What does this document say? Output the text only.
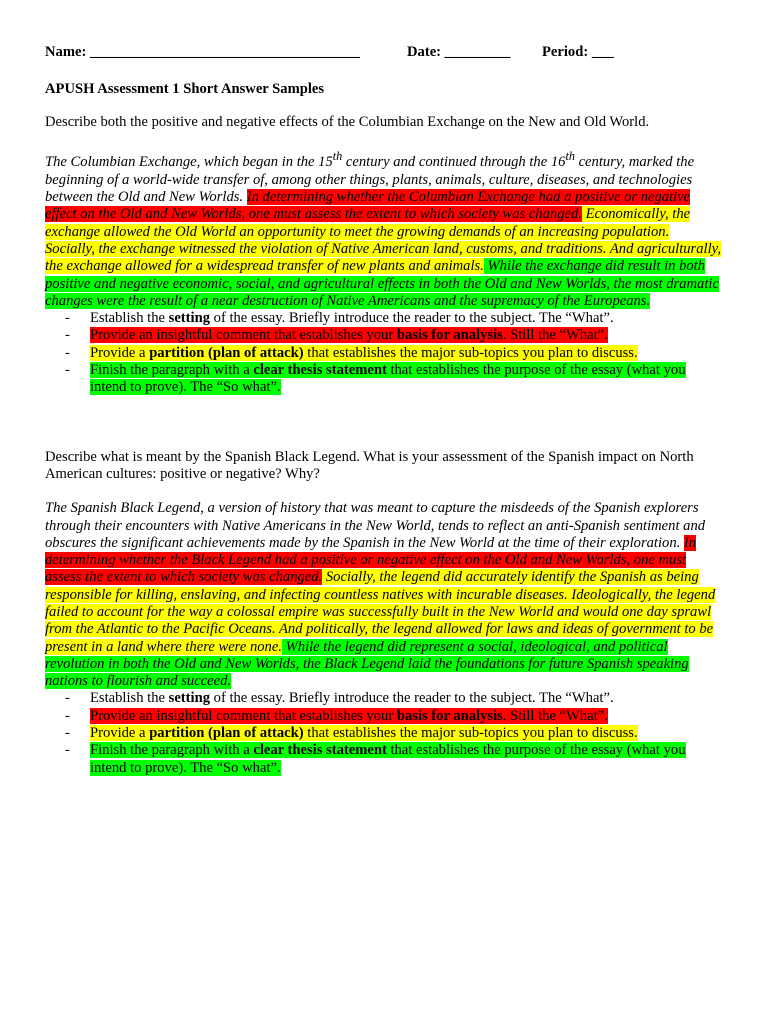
Name: _____________________________________	Date: _________ Period: ___
APUSH Assessment 1 Short Answer Samples
Describe both the positive and negative effects of the Columbian Exchange on the New and Old World.
The Columbian Exchange, which began in the 15th century and continued through the 16th century, marked the beginning of a world-wide transfer of, among other things, plants, animals, culture, diseases, and technologies between the Old and New Worlds. In determining whether the Columbian Exchange had a positive or negative effect on the Old and New Worlds, one must assess the extent to which society was changed. Economically, the exchange allowed the Old World an opportunity to meet the growing demands of an increasing population. Socially, the exchange witnessed the violation of Native American land, customs, and traditions. And agriculturally, the exchange allowed for a widespread transfer of new plants and animals. While the exchange did result in both positive and negative economic, social, and agricultural effects in both the Old and New Worlds, the most dramatic changes were the result of a near destruction of Native Americans and the supremacy of the Europeans.
- Establish the setting of the essay. Briefly introduce the reader to the subject. The “What”.
- Provide an insightful comment that establishes your basis for analysis. Still the “What”.
- Provide a partition (plan of attack) that establishes the major sub-topics you plan to discuss.
- Finish the paragraph with a clear thesis statement that establishes the purpose of the essay (what you intend to prove). The “So what”.
Describe what is meant by the Spanish Black Legend. What is your assessment of the Spanish impact on North American cultures: positive or negative? Why?
The Spanish Black Legend, a version of history that was meant to capture the misdeeds of the Spanish explorers through their encounters with Native Americans in the New World, tends to reflect an anti-Spanish sentiment and obscures the significant achievements made by the Spanish in the New World at the time of their exploration. In determining whether the Black Legend had a positive or negative effect on the Old and New Worlds, one must assess the extent to which society was changed. Socially, the legend did accurately identify the Spanish as being responsible for killing, enslaving, and infecting countless natives with incurable diseases. Ideologically, the legend failed to account for the way a colossal empire was successfully built in the New World and would one day sprawl from the Atlantic to the Pacific Oceans. And politically, the legend allowed for laws and ideas of government to be present in a land where there were none. While the legend did represent a social, ideological, and political revolution in both the Old and New Worlds, the Black Legend laid the foundations for future Spanish speaking nations to flourish and succeed.
- Establish the setting of the essay. Briefly introduce the reader to the subject. The “What”.
- Provide an insightful comment that establishes your basis for analysis. Still the “What”.
- Provide a partition (plan of attack) that establishes the major sub-topics you plan to discuss.
- Finish the paragraph with a clear thesis statement that establishes the purpose of the essay (what you intend to prove). The “So what”.
